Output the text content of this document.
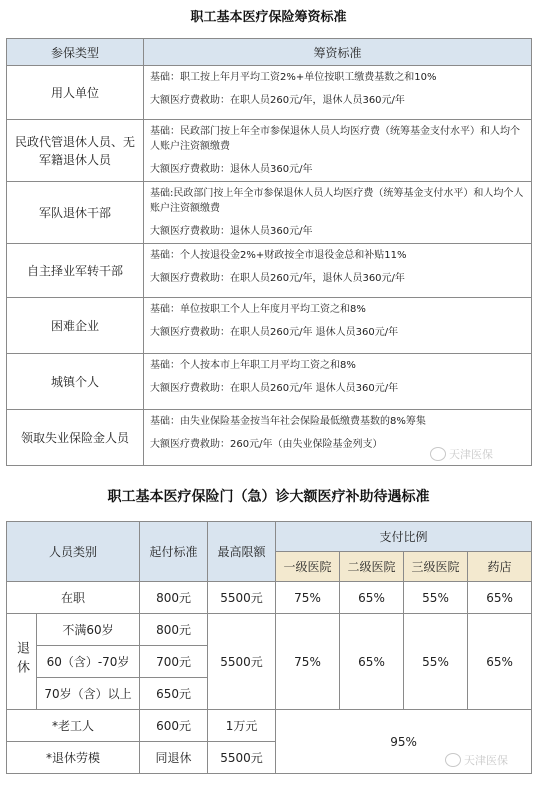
职工基本医疗保险筹资标准
参保类型	筹资标准
用人单位	基础：职工按上年月平均工资2%+单位按职工缴费基数之和10%
大额医疗费救助：在职人员260元/年，退休人员360元/年

民政代管退休人员、无军籍退休人员	基础：民政部门按上年全市参保退休人员人均医疗费（统筹基金支付水平）和人均个人账户注资额缴费
大额医疗费救助：退休人员360元/年

军队退休干部	基础:民政部门按上年全市参保退休人员人均医疗费（统筹基金支付水平）和人均个人账户注资额缴费
大额医疗费救助：退休人员360元/年

自主择业军转干部	基础：个人按退役金2%+财政按全市退役金总和补贴11%
大额医疗费救助：在职人员260元/年，退休人员360元/年

困难企业	基础：单位按职工个人上年度月平均工资之和8%
大额医疗费救助：在职人员260元/年 退休人员360元/年

城镇个人	基础：个人按本市上年职工月平均工资之和8%
大额医疗费救助：在职人员260元/年 退休人员360元/年

领取失业保险金人员	基础：由失业保险基金按当年社会保险最低缴费基数的8%筹集
大额医疗费救助：260元/年（由失业保险基金列支）
天津医保
职工基本医疗保险门（急）诊大额医疗补助待遇标准
人员类别		起付标准	最高限额	支付比例			
				一级医院	二级医院	三级医院	药店
在职		800元	5500元	75%	65%	55%	65%
退休	不满60岁	800元	5500元	75%	65%	55%	65%
	60（含）-70岁	700元					
	70岁（含）以上	650元					
*老工人		600元	1万元	95%			
*退休劳模		同退休	5500元					天津医保
